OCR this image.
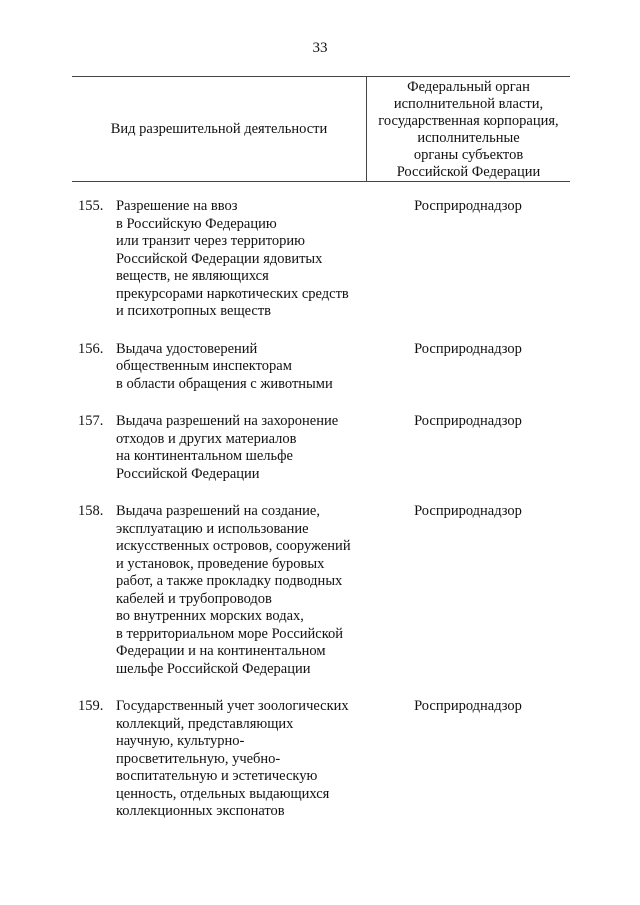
33
Вид разрешительной деятельности
Федеральный орган
исполнительной власти,
государственная корпорация,
исполнительные
органы субъектов
Российской Федерации
155. Разрешение на ввоз
в Российскую Федерацию
или транзит через территорию
Российской Федерации ядовитых
веществ, не являющихся
прекурсорами наркотических средств
и психотропных веществ
Росприроднадзор
156. Выдача удостоверений
общественным инспекторам
в области обращения с животными
Росприроднадзор
157. Выдача разрешений на захоронение
отходов и других материалов
на континентальном шельфе
Российской Федерации
Росприроднадзор
158. Выдача разрешений на создание,
эксплуатацию и использование
искусственных островов, сооружений
и установок, проведение буровых
работ, а также прокладку подводных
кабелей и трубопроводов
во внутренних морских водах,
в территориальном море Российской
Федерации и на континентальном
шельфе Российской Федерации
Росприроднадзор
159. Государственный учет зоологических
коллекций, представляющих
научную, культурно-
просветительную, учебно-
воспитательную и эстетическую
ценность, отдельных выдающихся
коллекционных экспонатов
Росприроднадзор
